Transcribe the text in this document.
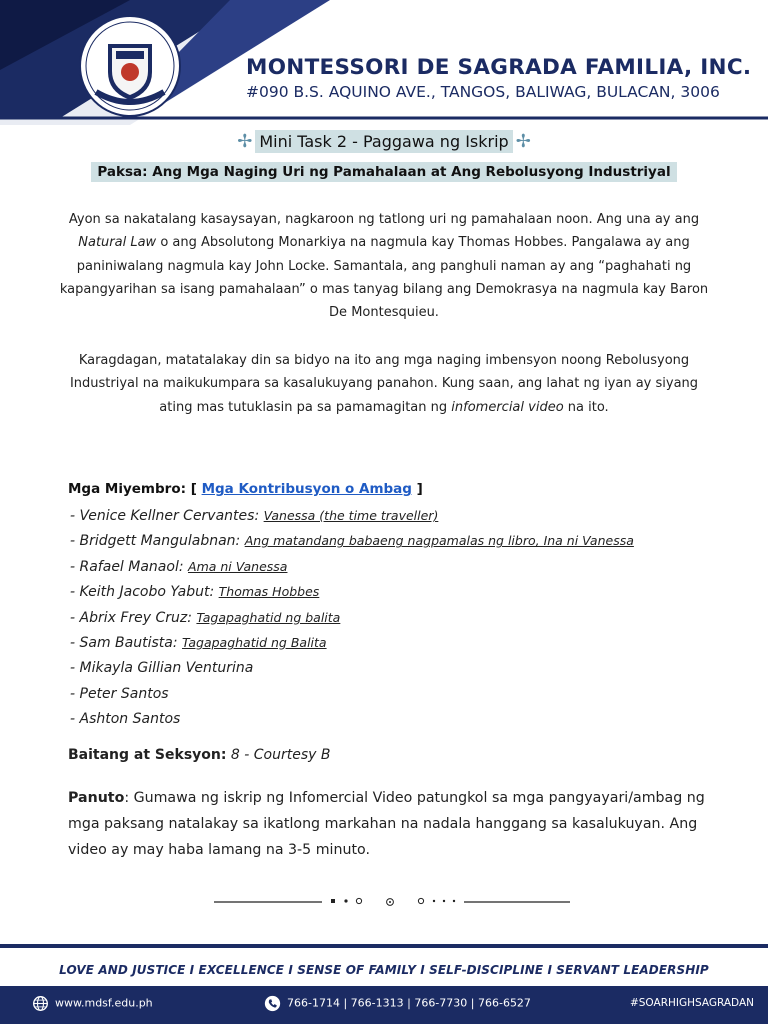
MONTESSORI DE SAGRADA FAMILIA, INC.
#090 B.S. AQUINO AVE., TANGOS, BALIWAG, BULACAN, 3006
✢ Mini Task 2 - Paggawa ng Iskrip ✢
Paksa: Ang Mga Naging Uri ng Pamahalaan at Ang Rebolusyong Industriyal
Ayon sa nakatalang kasaysayan, nagkaroon ng tatlong uri ng pamahalaan noon. Ang una ay ang Natural Law o ang Absolutong Monarkiya na nagmula kay Thomas Hobbes. Pangalawa ay ang paniniwalang nagmula kay John Locke. Samantala, ang panghuli naman ay ang “paghahati ng kapangyarihan sa isang pamahalaan” o mas tanyag bilang ang Demokrasya na nagmula kay Baron De Montesquieu.
Karagdagan, matatalakay din sa bidyo na ito ang mga naging imbensyon noong Rebolusyong Industriyal na maikukumpara sa kasalukuyang panahon. Kung saan, ang lahat ng iyan ay siyang ating mas tutuklasin pa sa pamamagitan ng infomercial video na ito.
Mga Miyembro: [ Mga Kontribusyon o Ambag ]
- Venice Kellner Cervantes: Vanessa (the time traveller)
- Bridgett Mangulabnan: Ang matandang babaeng nagpamalas ng libro, Ina ni Vanessa
- Rafael Manaol: Ama ni Vanessa
- Keith Jacobo Yabut: Thomas Hobbes
- Abrix Frey Cruz: Tagapaghatid ng balita
- Sam Bautista: Tagapaghatid ng Balita
- Mikayla Gillian Venturina
- Peter Santos
- Ashton Santos
Baitang at Seksyon: 8 - Courtesy B
Panuto: Gumawa ng iskrip ng Infomercial Video patungkol sa mga pangyayari/ambag ng mga paksang natalakay sa ikatlong markahan na nadala hanggang sa kasalukuyan. Ang video ay may haba lamang na 3-5 minuto.
LOVE AND JUSTICE I EXCELLENCE I SENSE OF FAMILY I SELF-DISCIPLINE I SERVANT LEADERSHIP
www.mdsf.edu.ph	766-1714 | 766-1313 | 766-7730 | 766-6527	#SOARHIGHSAGRADAN
